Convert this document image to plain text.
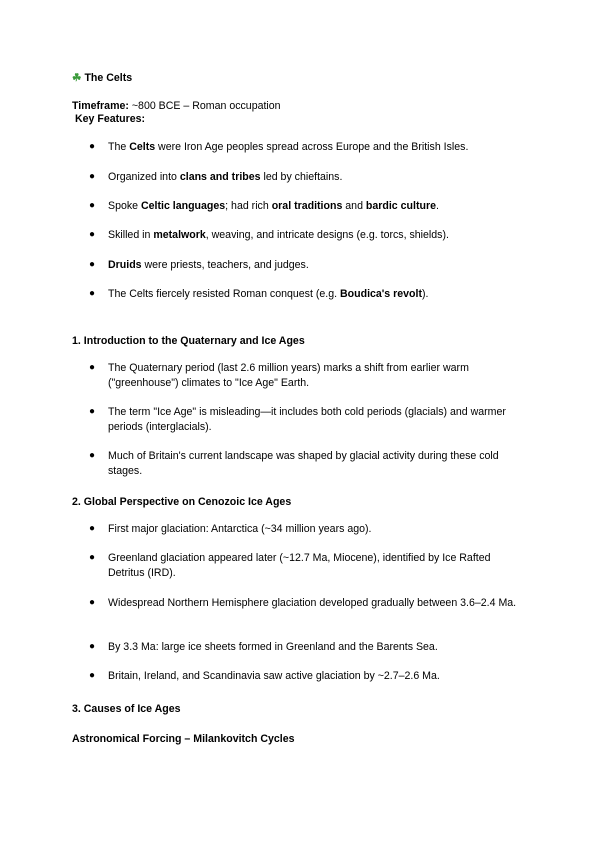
☘ The Celts
Timeframe: ~800 BCE – Roman occupation
Key Features:
● The Celts were Iron Age peoples spread across Europe and the British Isles.
● Organized into clans and tribes led by chieftains.
● Spoke Celtic languages; had rich oral traditions and bardic culture.
● Skilled in metalwork, weaving, and intricate designs (e.g. torcs, shields).
● Druids were priests, teachers, and judges.
● The Celts fiercely resisted Roman conquest (e.g. Boudica's revolt).
1. Introduction to the Quaternary and Ice Ages
● The Quaternary period (last 2.6 million years) marks a shift from earlier warm ("greenhouse") climates to "Ice Age" Earth.
● The term "Ice Age" is misleading—it includes both cold periods (glacials) and warmer periods (interglacials).
● Much of Britain's current landscape was shaped by glacial activity during these cold stages.
2. Global Perspective on Cenozoic Ice Ages
● First major glaciation: Antarctica (~34 million years ago).
● Greenland glaciation appeared later (~12.7 Ma, Miocene), identified by Ice Rafted Detritus (IRD).
● Widespread Northern Hemisphere glaciation developed gradually between 3.6–2.4 Ma.
● By 3.3 Ma: large ice sheets formed in Greenland and the Barents Sea.
● Britain, Ireland, and Scandinavia saw active glaciation by ~2.7–2.6 Ma.
3. Causes of Ice Ages
Astronomical Forcing – Milankovitch Cycles
